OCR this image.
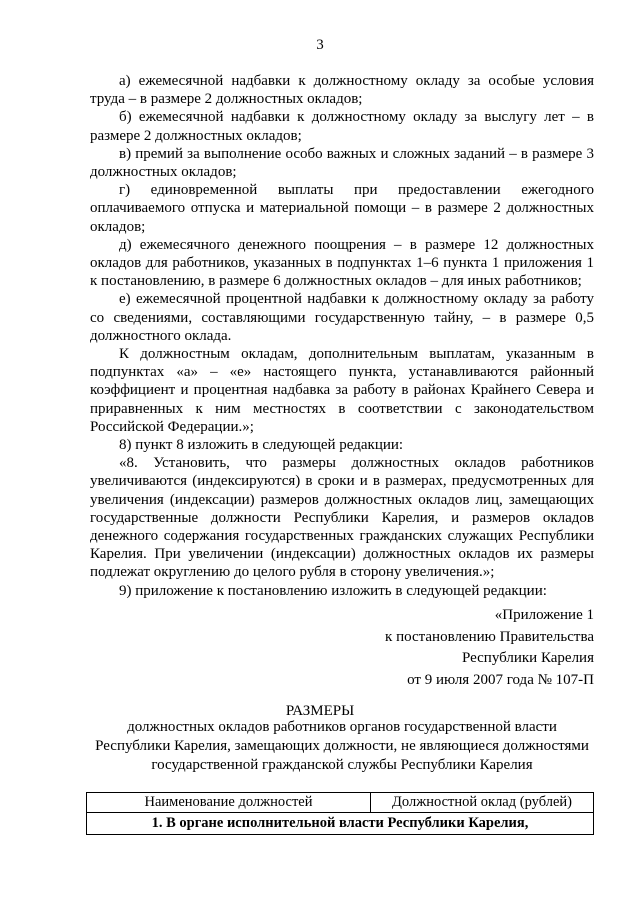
3

а) ежемесячной надбавки к должностному окладу за особые условия труда – в размере 2 должностных окладов;

б) ежемесячной надбавки к должностному окладу за выслугу лет – в размере 2 должностных окладов;

в) премий за выполнение особо важных и сложных заданий – в размере 3 должностных окладов;

г) единовременной выплаты при предоставлении ежегодного оплачиваемого отпуска и материальной помощи – в размере 2 должностных окладов;

д) ежемесячного денежного поощрения – в размере 12 должностных окладов для работников, указанных в подпунктах 1–6 пункта 1 приложения 1 к постановлению, в размере 6 должностных окладов – для иных работников;

е) ежемесячной процентной надбавки к должностному окладу за работу со сведениями, составляющими государственную тайну, – в размере 0,5 должностного оклада.

К должностным окладам, дополнительным выплатам, указанным в подпунктах «а» – «е» настоящего пункта, устанавливаются районный коэффициент и процентная надбавка за работу в районах Крайнего Севера и приравненных к ним местностях в соответствии с законодательством Российской Федерации.»;

8) пункт 8 изложить в следующей редакции:

«8. Установить, что размеры должностных окладов работников увеличиваются (индексируются) в сроки и в размерах, предусмотренных для увеличения (индексации) размеров должностных окладов лиц, замещающих государственные должности Республики Карелия, и размеров окладов денежного содержания государственных гражданских служащих Республики Карелия. При увеличении (индексации) должностных окладов их размеры подлежат округлению до целого рубля в сторону увеличения.»;

9) приложение к постановлению изложить в следующей редакции:

«Приложение 1
к постановлению Правительства
Республики Карелия
от 9 июля 2007 года № 107-П
РАЗМЕРЫ
должностных окладов работников органов государственной власти Республики Карелия, замещающих должности, не являющиеся должностями государственной гражданской службы Республики Карелия
Наименование должностей	Должностной оклад (рублей)
1. В органе исполнительной власти Республики Карелия,
